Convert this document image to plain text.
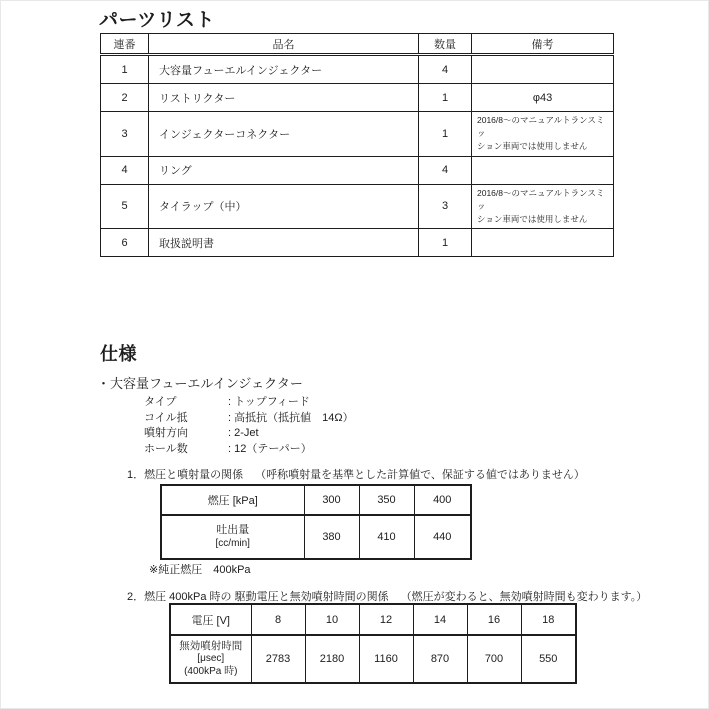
パーツリスト
連番	品名	数量	備考
1	大容量フューエルインジェクター	4	
2	リストリクター	1	φ43
3	インジェクターコネクター	1	2016/8～のマニュアルトランスミッ
ション車両では使用しません

4	リング	4	
5	タイラップ（中）	3	2016/8～のマニュアルトランスミッ
ション車両では使用しません

6	取扱説明書	1	
仕様
・大容量フューエルインジェクター
タイプ	: トップフィード
コイル抵	: 高抵抗（抵抗値　14Ω）
噴射方向	: 2-Jet
ホール数	: 12（テーパー）
1．燃圧と噴射量の関係 （呼称噴射量を基準とした計算値で、保証する値ではありません）
燃圧 [kPa]	300	350	400

吐出量
[cc/min]	380	410	440
※純正燃圧　400kPa
2．燃圧 400kPa 時の 駆動電圧と無効噴射時間の関係 （燃圧が変わると、無効噴射時間も変わります。）
電圧 [V]	8	10	12	14	16	18

無効噴射時間
[μsec]
(400kPa 時)	2783	2180	1160	870	700	550
